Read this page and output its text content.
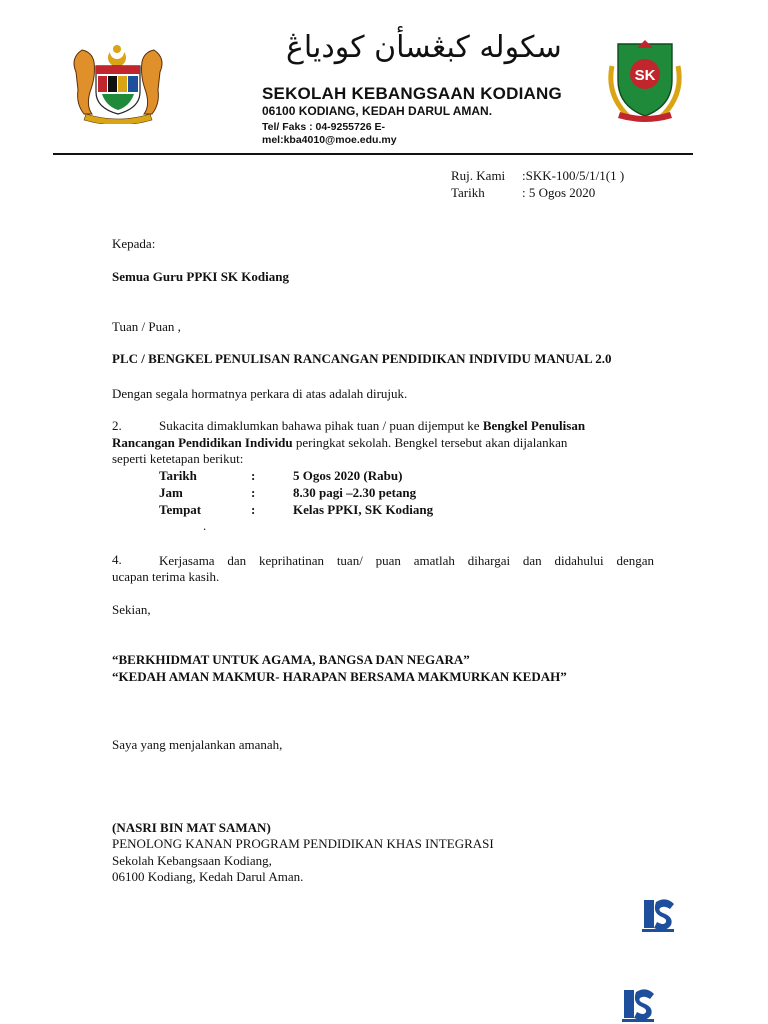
سکوله کبڠسأن کودياڠ
SEKOLAH KEBANGSAAN KODIANG
06100 KODIANG, KEDAH DARUL AMAN.
Tel/ Faks : 04-9255726 E-
mel:kba4010@moe.edu.my
SK
Ruj. Kami :SKK-100/5/1/1(1 )
Tarikh	: 5 Ogos 2020
Kepada:
Semua Guru PPKI SK Kodiang
Tuan / Puan ,
PLC / BENGKEL PENULISAN RANCANGAN PENDIDIKAN INDIVIDU MANUAL 2.0
Dengan segala hormatnya perkara di atas adalah dirujuk.
2.	Sukacita dimaklumkan bahawa pihak tuan / puan dijemput ke Bengkel Penulisan
Rancangan Pendidikan Individu peringkat sekolah. Bengkel tersebut akan dijalankan
seperti ketetapan berikut:
Tarikh	:	5 Ogos 2020 (Rabu)
Jam	:	8.30 pagi –2.30 petang
Tempat	:	Kelas PPKI, SK Kodiang
.
4.	Kerjasama dan keprihatinan tuan/ puan amatlah dihargai dan didahului dengan
ucapan terima kasih.
Sekian,
“BERKHIDMAT UNTUK AGAMA, BANGSA DAN NEGARA”
“KEDAH AMAN MAKMUR- HARAPAN BERSAMA MAKMURKAN KEDAH”
Saya yang menjalankan amanah,
(NASRI BIN MAT SAMAN)
PENOLONG KANAN PROGRAM PENDIDIKAN KHAS INTEGRASI
Sekolah Kebangsaan Kodiang,
06100 Kodiang, Kedah Darul Aman.
